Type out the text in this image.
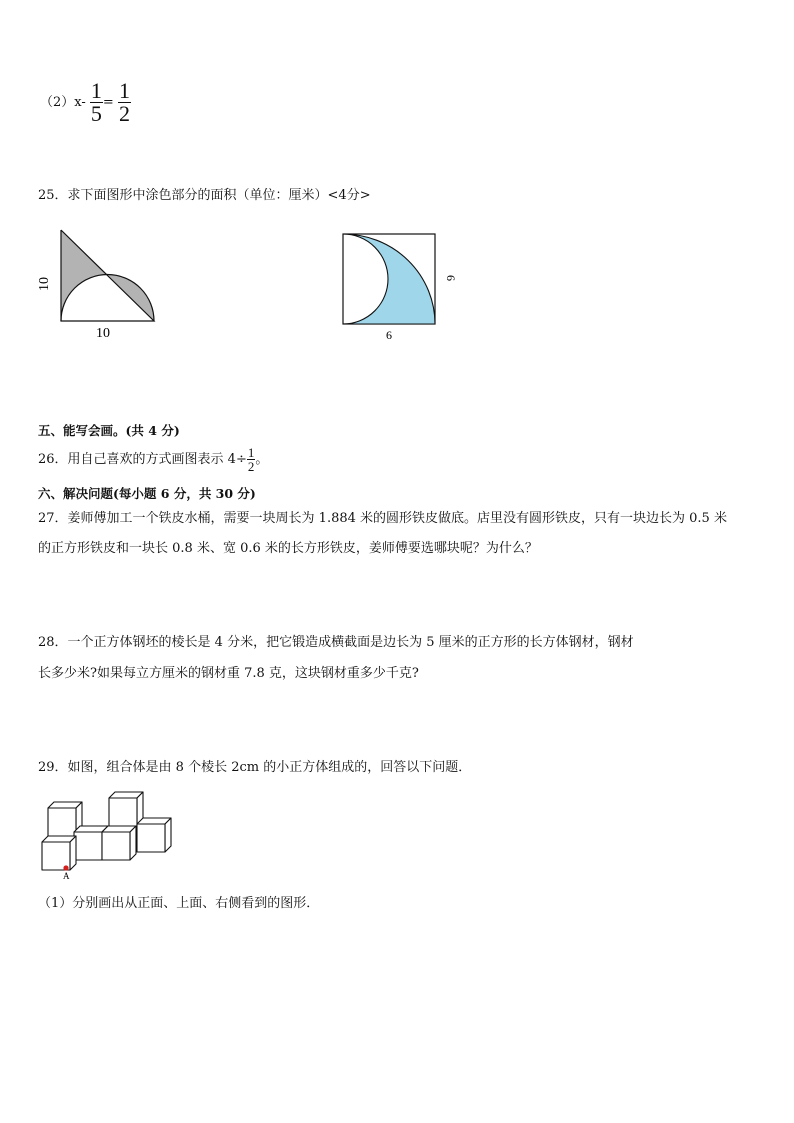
$(2)x- \frac{1}{5} = \frac{1}{2}$
25．求下面图形中涂色部分的面积（单位：厘米）<4分>
10
10
6
6
五、能写会画。(共 4 分)
26．用自己喜欢的方式画图表示 $4\div \frac{1}{2}$ 。
六、解决问题(每小题 6 分，共 30 分)
27．姜师傅加工一个铁皮水桶，需要一块周长为 1.884 米的圆形铁皮做底。店里没有圆形铁皮，只有一块边长为 0.5 米
的正方形铁皮和一块长 0.8 米、宽 0.6 米的长方形铁皮，姜师傅要选哪块呢？为什么？
28．一个正方体钢坯的棱长是 4 分米，把它锻造成横截面是边长为 5 厘米的正方形的长方体钢材，钢材
长多少米?如果每立方厘米的钢材重 7.8 克，这块钢材重多少千克?
29．如图，组合体是由 8 个棱长 2cm 的小正方体组成的，回答以下问题．
A
（1）分别画出从正面、上面、右侧看到的图形．
